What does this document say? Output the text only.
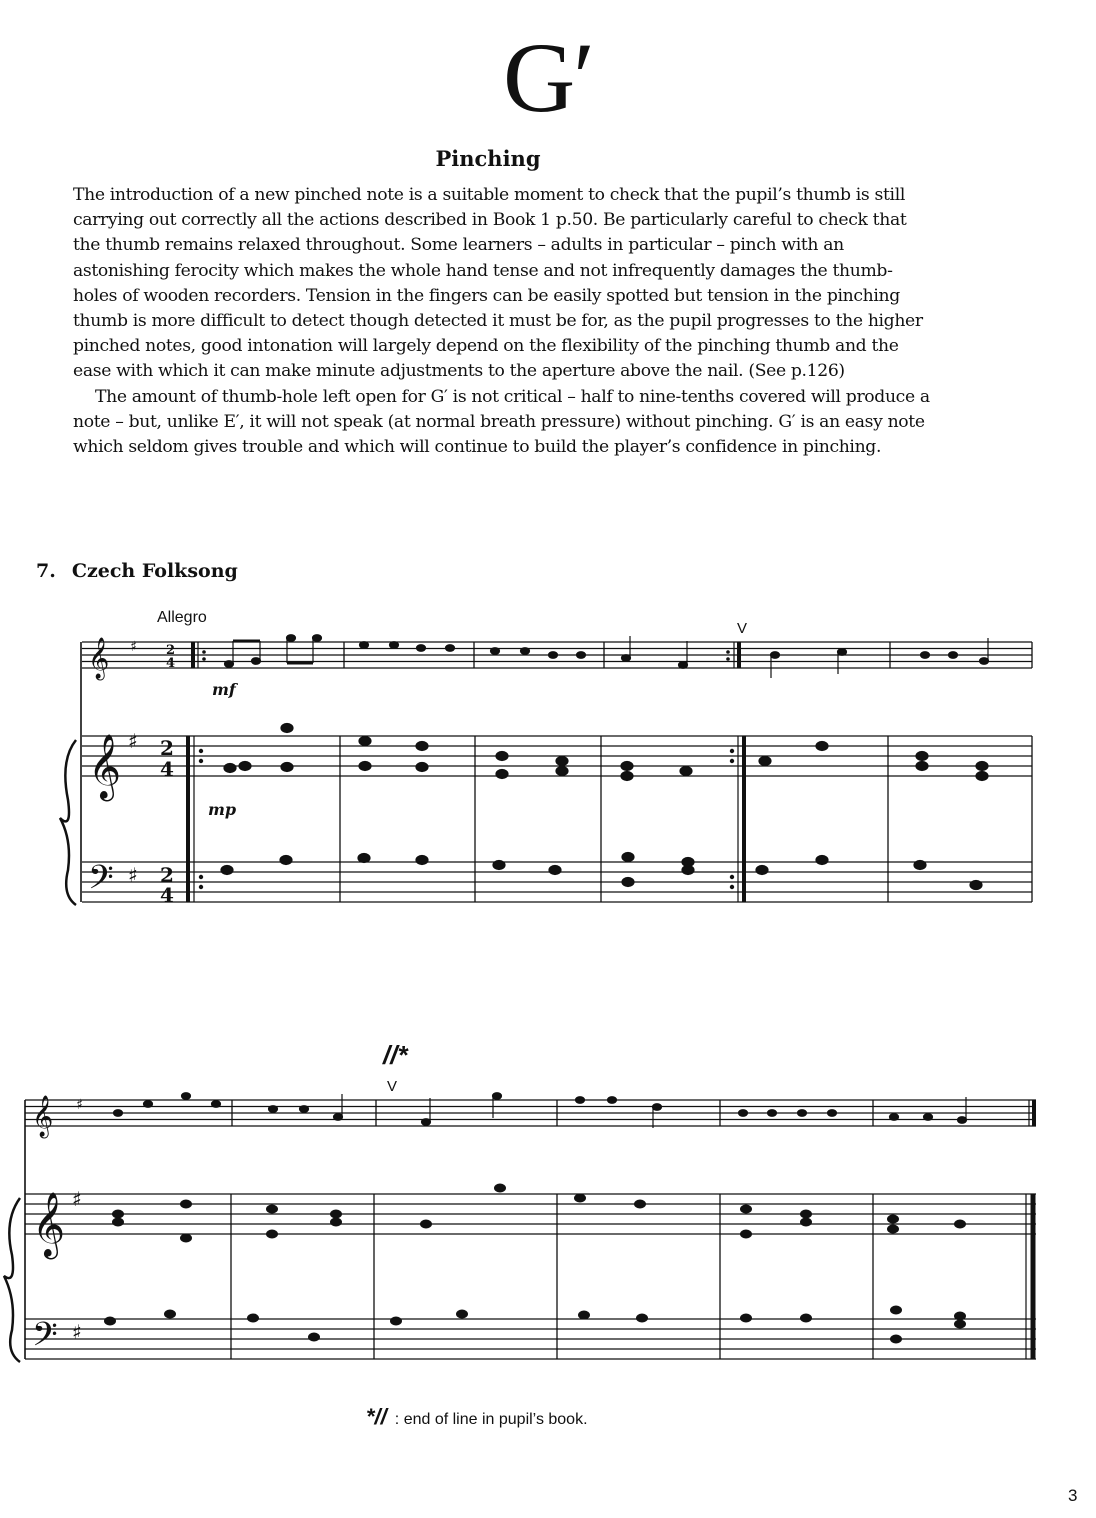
G′
Pinching

The introduction of a new pinched note is a suitable moment to check that the pupil’s thumb is still carrying out correctly all the actions described in Book 1 p.50. Be particularly careful to check that the thumb remains relaxed throughout. Some learners – adults in particular – pinch with an astonishing ferocity which makes the whole hand tense and not infrequently damages the thumb-holes of wooden recorders. Tension in the fingers can be easily spotted but tension in the pinching thumb is more difficult to detect though detected it must be for, as the pupil progresses to the higher pinched notes, good intonation will largely depend on the flexibility of the pinching thumb and the ease with which it can make minute adjustments to the aperture above the nail. (See p.126)

The amount of thumb-hole left open for G′ is not critical – half to nine-tenths covered will produce a note – but, unlike E′, it will not speak (at normal breath pressure) without pinching. G′ is an easy note which seldom gives trouble and which will continue to build the player’s confidence in pinching.

7. Czech Folksong
Allegro
mf
mp
V
V
//*
𝄞 ♯ 2
4
𝄞 ♯ 2
4
𝄢 ♯ 2
4
𝄞 ♯
𝄞 ♯
𝄢 ♯
*// : end of line in pupil’s book.
3
